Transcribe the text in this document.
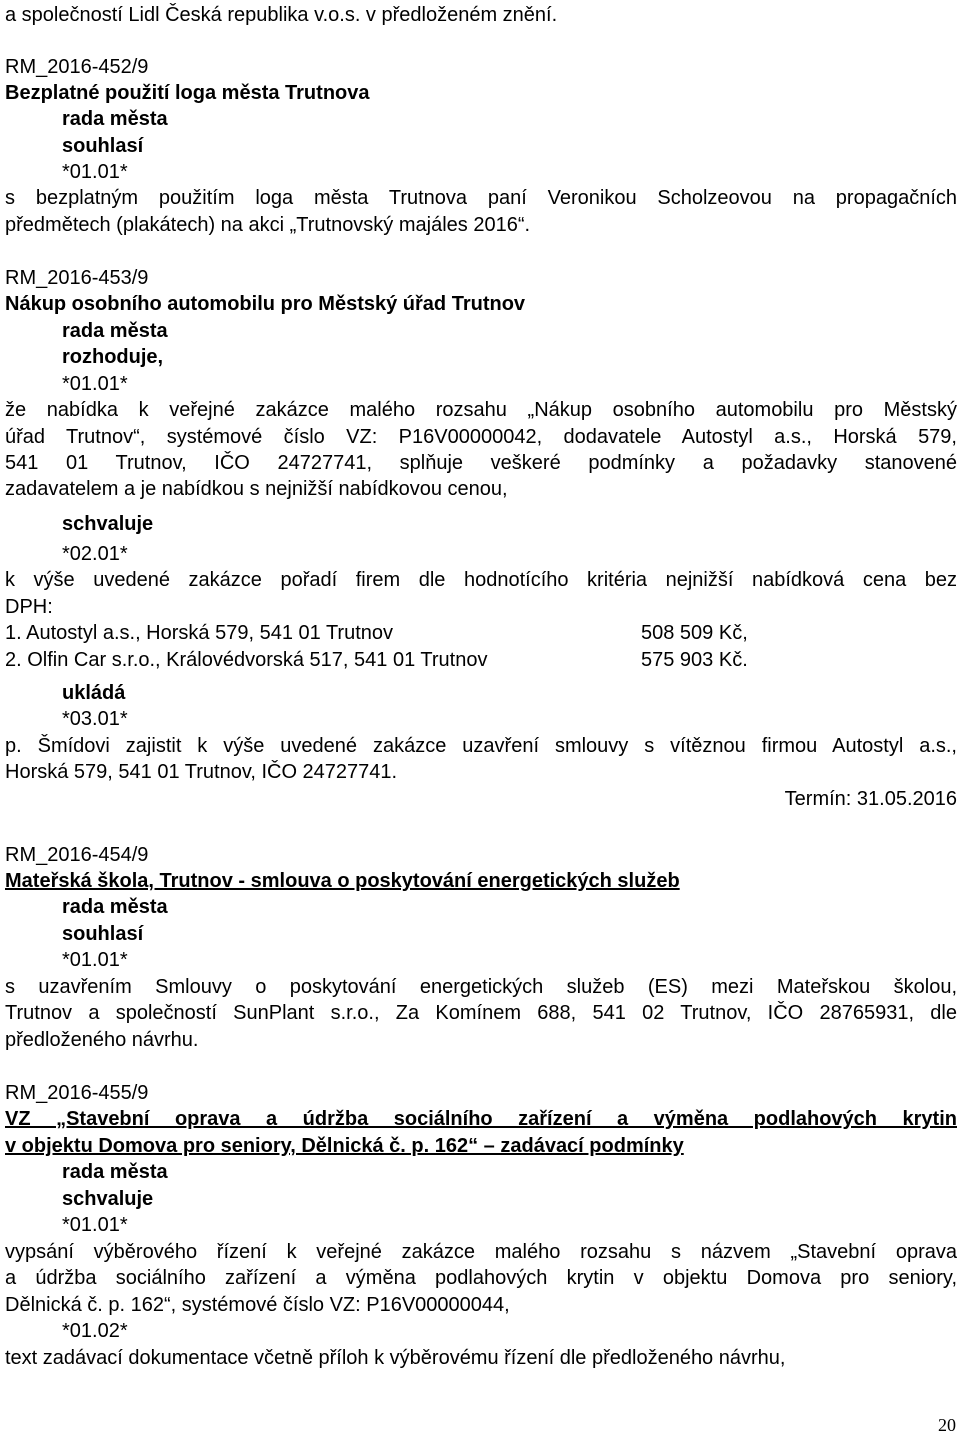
a společností Lidl Česká republika v.o.s. v předloženém znění.
RM_2016-452/9
Bezplatné použití loga města Trutnova
rada města
souhlasí
*01.01*
s bezplatným použitím loga města Trutnova paní Veronikou Scholzeovou na propagačních
předmětech (plakátech) na akci „Trutnovský majáles 2016“.
RM_2016-453/9
Nákup osobního automobilu pro Městský úřad Trutnov
rada města
rozhoduje,
*01.01*
že nabídka k veřejné zakázce malého rozsahu „Nákup osobního automobilu pro Městský
úřad Trutnov“, systémové číslo VZ: P16V00000042, dodavatele Autostyl a.s., Horská 579,
541 01 Trutnov, IČO 24727741, splňuje veškeré podmínky a požadavky stanovené
zadavatelem a je nabídkou s nejnižší nabídkovou cenou,
schvaluje
*02.01*
k výše uvedené zakázce pořadí firem dle hodnotícího kritéria nejnižší nabídková cena bez
DPH:
1. Autostyl a.s., Horská 579, 541 01 Trutnov	508 509 Kč,
2. Olfin Car s.r.o., Královédvorská 517, 541 01 Trutnov	575 903 Kč.
ukládá
*03.01*
p. Šmídovi zajistit k výše uvedené zakázce uzavření smlouvy s vítěznou firmou Autostyl a.s.,
Horská 579, 541 01 Trutnov, IČO 24727741.
Termín: 31.05.2016
RM_2016-454/9
Mateřská škola, Trutnov - smlouva o poskytování energetických služeb
rada města
souhlasí
*01.01*
s uzavřením Smlouvy o poskytování energetických služeb (ES) mezi Mateřskou školou,
Trutnov a společností SunPlant s.r.o., Za Komínem 688, 541 02 Trutnov, IČO 28765931, dle
předloženého návrhu.
RM_2016-455/9
VZ „Stavební oprava a údržba sociálního zařízení a výměna podlahových krytin
v objektu Domova pro seniory, Dělnická č. p. 162“ – zadávací podmínky
rada města
schvaluje
*01.01*
vypsání výběrového řízení k veřejné zakázce malého rozsahu s názvem „Stavební oprava
a údržba sociálního zařízení a výměna podlahových krytin v objektu Domova pro seniory,
Dělnická č. p. 162“, systémové číslo VZ: P16V00000044,
*01.02*
text zadávací dokumentace včetně příloh k výběrovému řízení dle předloženého návrhu,
20
